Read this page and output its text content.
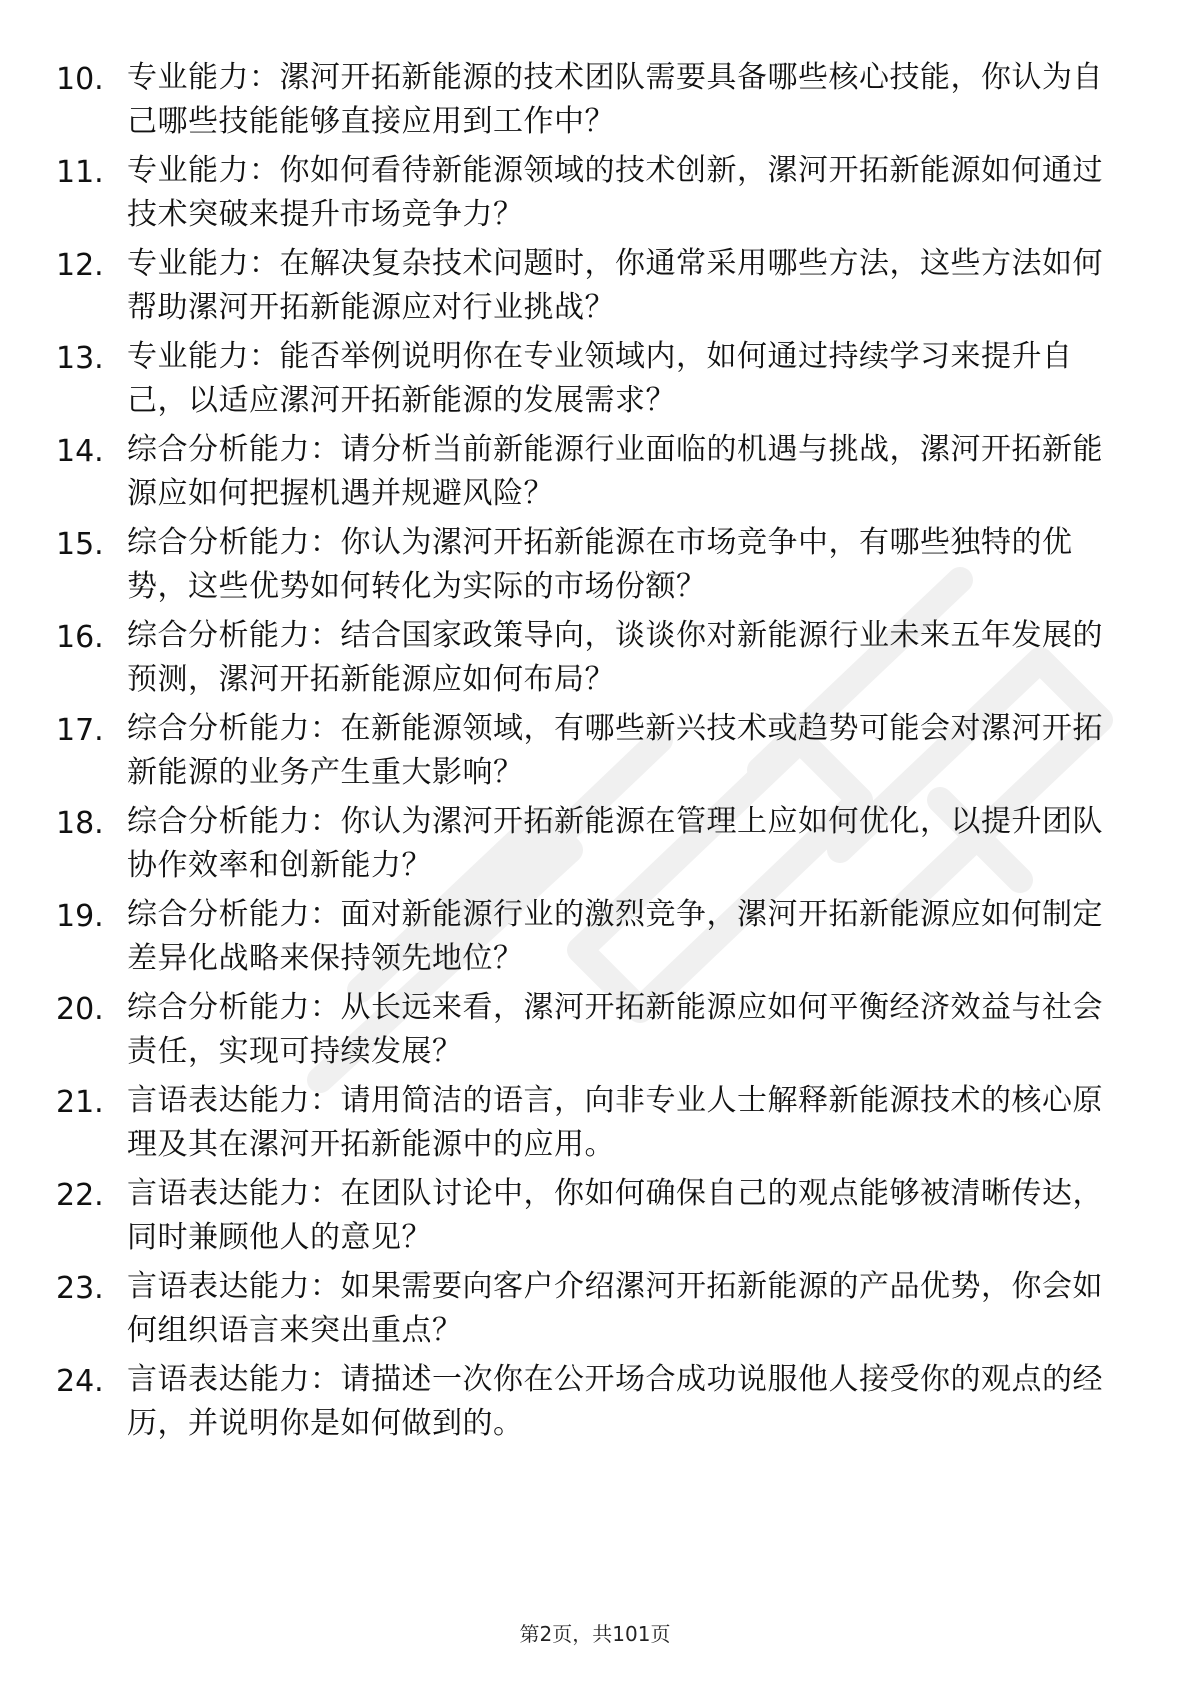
10. 专业能力：漯河开拓新能源的技术团队需要具备哪些核心技能，你认为自己哪些技能能够直接应用到工作中？
11. 专业能力：你如何看待新能源领域的技术创新，漯河开拓新能源如何通过技术突破来提升市场竞争力？
12. 专业能力：在解决复杂技术问题时，你通常采用哪些方法，这些方法如何帮助漯河开拓新能源应对行业挑战？
13. 专业能力：能否举例说明你在专业领域内，如何通过持续学习来提升自己，以适应漯河开拓新能源的发展需求？
14. 综合分析能力：请分析当前新能源行业面临的机遇与挑战，漯河开拓新能源应如何把握机遇并规避风险？
15. 综合分析能力：你认为漯河开拓新能源在市场竞争中，有哪些独特的优势，这些优势如何转化为实际的市场份额？
16. 综合分析能力：结合国家政策导向，谈谈你对新能源行业未来五年发展的预测，漯河开拓新能源应如何布局？
17. 综合分析能力：在新能源领域，有哪些新兴技术或趋势可能会对漯河开拓新能源的业务产生重大影响？
18. 综合分析能力：你认为漯河开拓新能源在管理上应如何优化，以提升团队协作效率和创新能力？
19. 综合分析能力：面对新能源行业的激烈竞争，漯河开拓新能源应如何制定差异化战略来保持领先地位？
20. 综合分析能力：从长远来看，漯河开拓新能源应如何平衡经济效益与社会责任，实现可持续发展？
21. 言语表达能力：请用简洁的语言，向非专业人士解释新能源技术的核心原理及其在漯河开拓新能源中的应用。
22. 言语表达能力：在团队讨论中，你如何确保自己的观点能够被清晰传达，同时兼顾他人的意见？
23. 言语表达能力：如果需要向客户介绍漯河开拓新能源的产品优势，你会如何组织语言来突出重点？
24. 言语表达能力：请描述一次你在公开场合成功说服他人接受你的观点的经历，并说明你是如何做到的。
第2页，共101页
